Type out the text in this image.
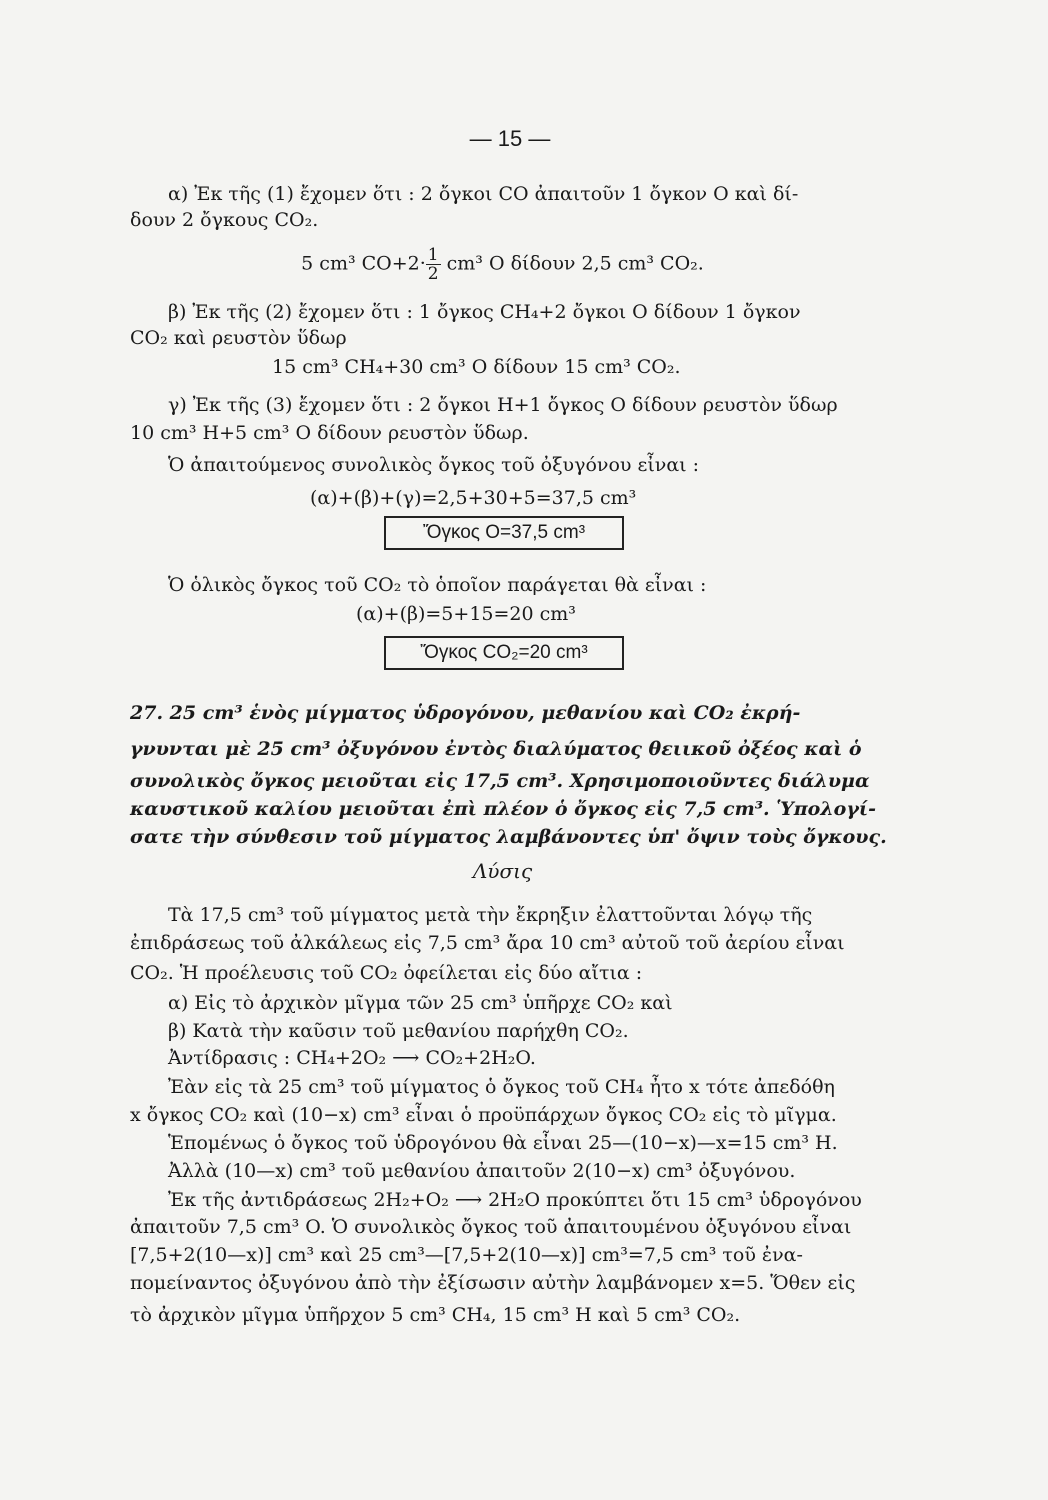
— 15 —
α) Ἐκ τῆς (1) ἔχομεν ὅτι : 2 ὄγκοι CO ἀπαιτοῦν 1 ὄγκον O καὶ δί-
δουν 2 ὄγκους CO₂.
5 cm³ $CO+2\cdot \frac{1}{2} cm^3$ O δίδουν 2,5 cm³ CO₂.
β) Ἐκ τῆς (2) ἔχομεν ὅτι : 1 ὄγκος CH₄+2 ὄγκοι O δίδουν 1 ὄγκον
CO₂ καὶ ρευστὸν ὕδωρ
15 cm³ CH₄+30 cm³ O δίδουν 15 cm³ CO₂.
γ) Ἐκ τῆς (3) ἔχομεν ὅτι : 2 ὄγκοι H+1 ὄγκος O δίδουν ρευστὸν ὕδωρ
10 cm³ H+5 cm³ O δίδουν ρευστὸν ὕδωρ.
Ὁ ἀπαιτούμενος συνολικὸς ὄγκος τοῦ ὀξυγόνου εἶναι :
(α)+(β)+(γ)=2,5+30+5=37,5 cm³
Ὄγκος O=37,5 cm³
Ὁ ὁλικὸς ὄγκος τοῦ CO₂ τὸ ὁποῖον παράγεται θὰ εἶναι :
(α)+(β)=5+15=20 cm³
Ὄγκος CO₂=20 cm³
27. 25 cm³ ἑνὸς μίγματος ὑδρογόνου, μεθανίου καὶ CO₂ ἐκρή-
γνυνται μὲ 25 cm³ ὀξυγόνου ἐντὸς διαλύματος θειικοῦ ὀξέος καὶ ὁ
συνολικὸς ὄγκος μειοῦται εἰς 17,5 cm³. Χρησιμοποιοῦντες διάλυμα
καυστικοῦ καλίου μειοῦται ἐπὶ πλέον ὁ ὄγκος εἰς 7,5 cm³. Ὑπολογί-
σατε τὴν σύνθεσιν τοῦ μίγματος λαμβάνοντες ὑπ' ὄψιν τοὺς ὄγκους.
Λύσις
Τὰ 17,5 cm³ τοῦ μίγματος μετὰ τὴν ἔκρηξιν ἐλαττοῦνται λόγῳ τῆς
ἐπιδράσεως τοῦ ἀλκάλεως εἰς 7,5 cm³ ἄρα 10 cm³ αὐτοῦ τοῦ ἀερίου εἶναι
CO₂. Ἡ προέλευσις τοῦ CO₂ ὀφείλεται εἰς δύο αἴτια :
α) Εἰς τὸ ἀρχικὸν μῖγμα τῶν 25 cm³ ὑπῆρχε CO₂ καὶ
β) Κατὰ τὴν καῦσιν τοῦ μεθανίου παρήχθη CO₂.
Ἀντίδρασις : CH₄+2O₂ ⟶ CO₂+2H₂O.
Ἐὰν εἰς τὰ 25 cm³ τοῦ μίγματος ὁ ὄγκος τοῦ CH₄ ἦτο x τότε ἀπεδόθη
x ὄγκος CO₂ καὶ (10−x) cm³ εἶναι ὁ προϋπάρχων ὄγκος CO₂ εἰς τὸ μῖγμα.
Ἑπομένως ὁ ὄγκος τοῦ ὑδρογόνου θὰ εἶναι 25—(10−x)—x=15 cm³ H.
Ἀλλὰ (10—x) cm³ τοῦ μεθανίου ἀπαιτοῦν 2(10−x) cm³ ὀξυγόνου.
Ἐκ τῆς ἀντιδράσεως 2H₂+O₂ ⟶ 2H₂O προκύπτει ὅτι 15 cm³ ὑδρογόνου
ἀπαιτοῦν 7,5 cm³ O. Ὁ συνολικὸς ὄγκος τοῦ ἀπαιτουμένου ὀξυγόνου εἶναι
[7,5+2(10—x)] cm³ καὶ 25 cm³—[7,5+2(10—x)] cm³=7,5 cm³ τοῦ ἐνα-
πομείναντος ὀξυγόνου ἀπὸ τὴν ἐξίσωσιν αὐτὴν λαμβάνομεν x=5. Ὅθεν εἰς
τὸ ἀρχικὸν μῖγμα ὑπῆρχον 5 cm³ CH₄, 15 cm³ H καὶ 5 cm³ CO₂.
